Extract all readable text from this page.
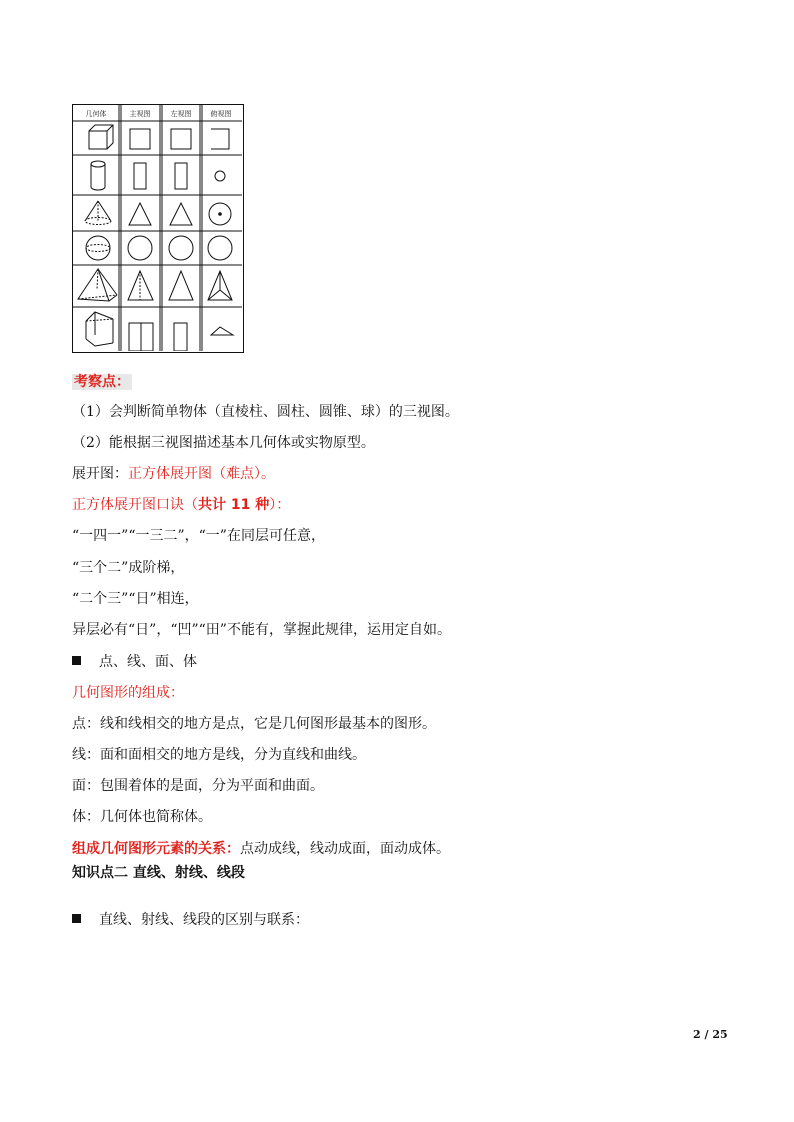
几何体	主视图	左视图	俯视图
考察点：
（1）会判断简单物体（直棱柱、圆柱、圆锥、球）的三视图。
（2）能根据三视图描述基本几何体或实物原型。
展开图：正方体展开图（难点）。
正方体展开图口诀（共计 11 种）：
“一四一”“一三二”，“一”在同层可任意，
“三个二”成阶梯，
“二个三”“日”相连，
异层必有“日”，“凹”“田”不能有，掌握此规律，运用定自如。
点、线、面、体
几何图形的组成：
点：线和线相交的地方是点，它是几何图形最基本的图形。
线：面和面相交的地方是线，分为直线和曲线。
面：包围着体的是面，分为平面和曲面。
体：几何体也简称体。
组成几何图形元素的关系：点动成线，线动成面，面动成体。
知识点二 直线、射线、线段
直线、射线、线段的区别与联系：
2 / 25
